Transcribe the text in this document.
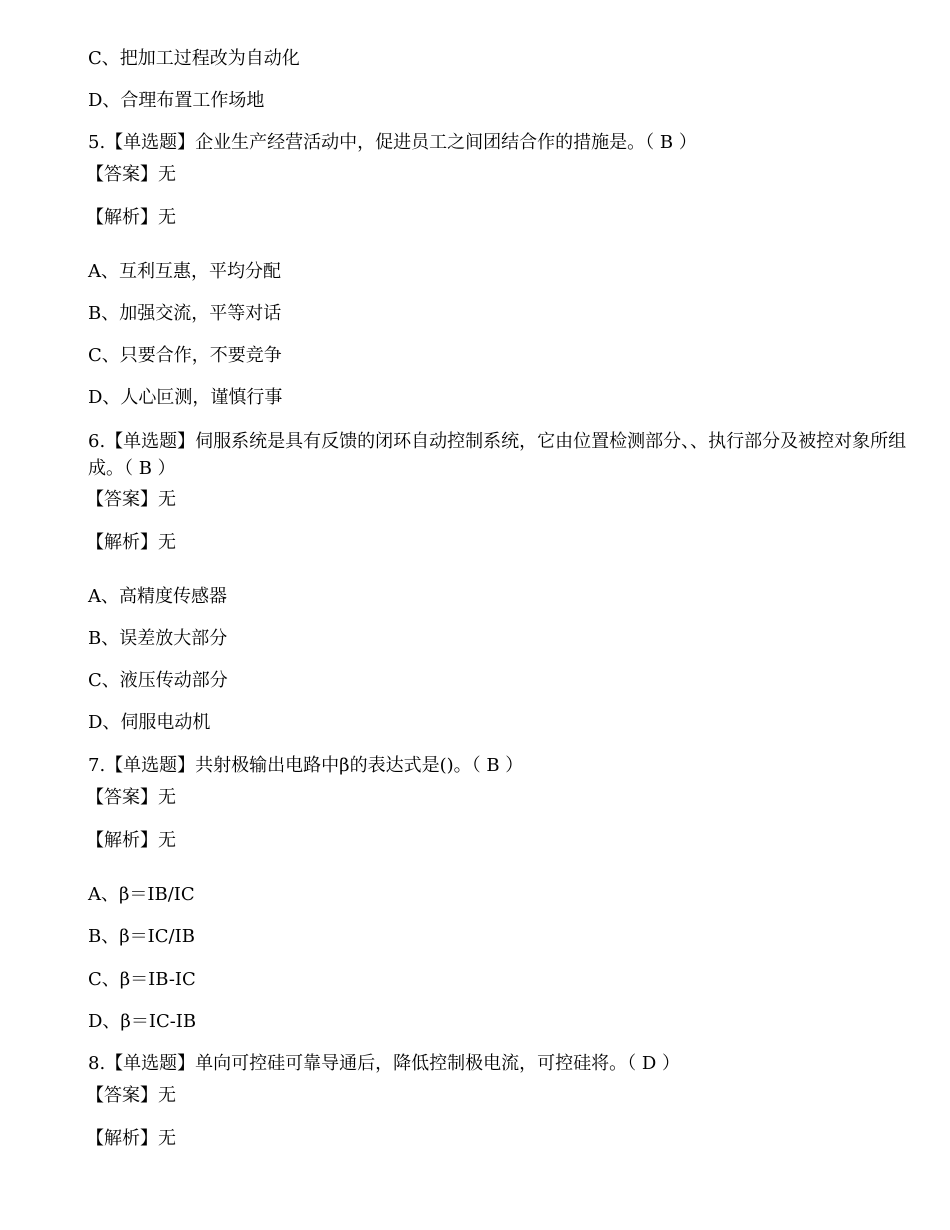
C、把加工过程改为自动化
D、合理布置工作场地
5.【单选题】企业生产经营活动中，促进员工之间团结合作的措施是。（ B ）
【答案】无
【解析】无
A、互利互惠，平均分配
B、加强交流，平等对话
C、只要合作，不要竞争
D、人心叵测，谨慎行事
6.【单选题】伺服系统是具有反馈的闭环自动控制系统，它由位置检测部分、、执行部分及被控对象所组成。（ B ）
【答案】无
【解析】无
A、高精度传感器
B、误差放大部分
C、液压传动部分
D、伺服电动机
7.【单选题】共射极输出电路中β的表达式是()。（ B ）
【答案】无
【解析】无
A、β＝IB/IC
B、β＝IC/IB
C、β＝IB-IC
D、β＝IC-IB
8.【单选题】单向可控硅可靠导通后，降低控制极电流，可控硅将。（ D ）
【答案】无
【解析】无
